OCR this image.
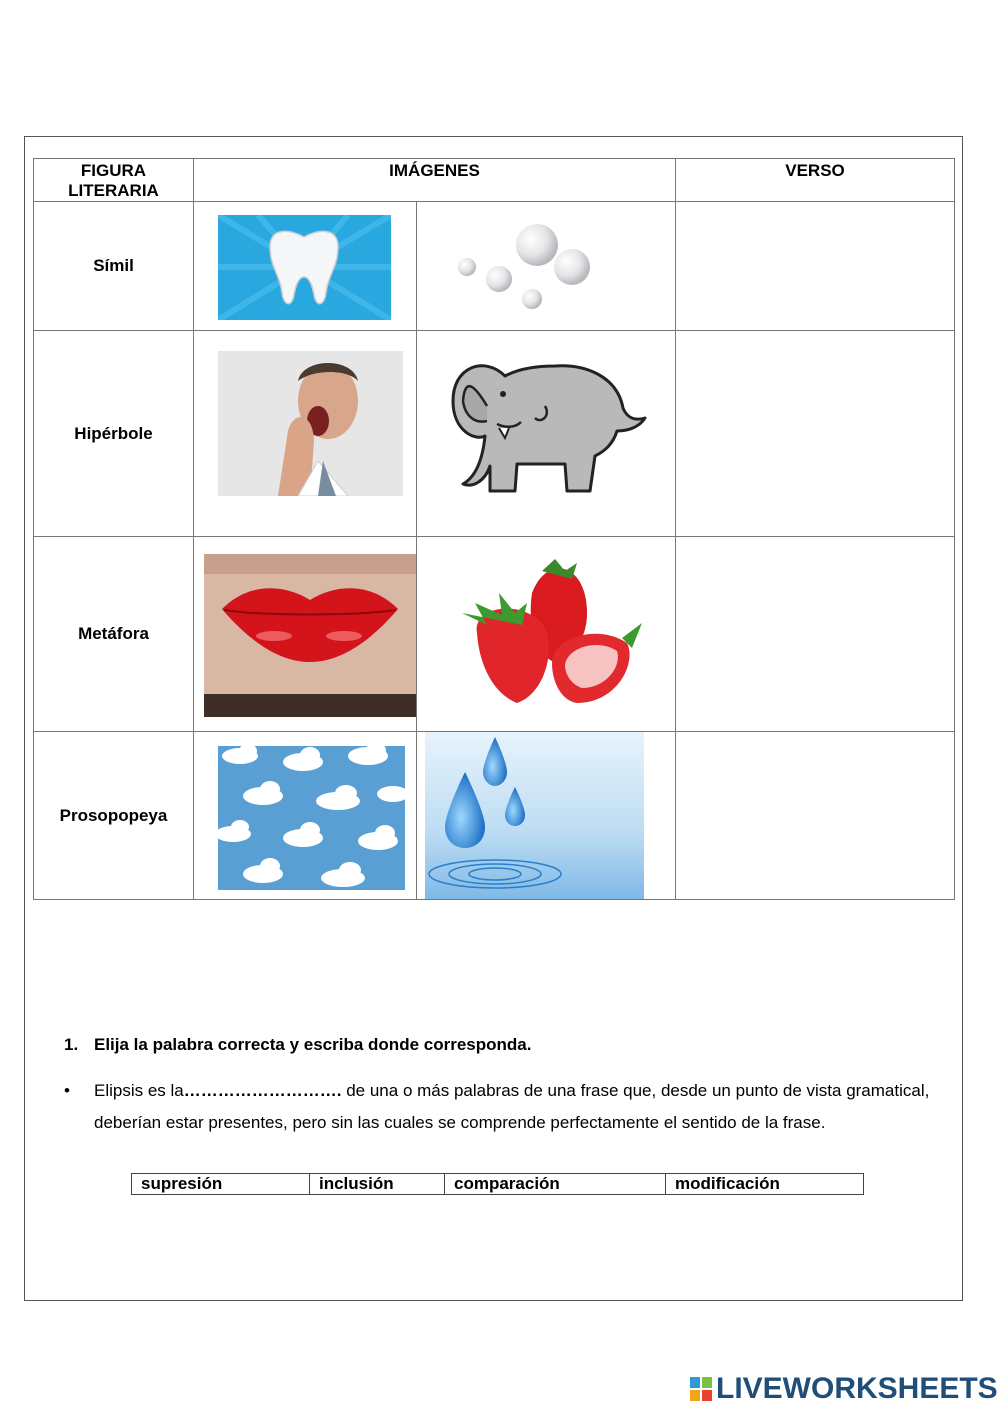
FIGURA LITERARIA	IMÁGENES		VERSO
Símil	

Hipérbole	

Metáfora	

Prosopopeya	

1. Elija la palabra correcta y escriba donde corresponda.
• Elipsis es la………………………. de una o más palabras de una frase que, desde un punto de vista gramatical, deberían estar presentes, pero sin las cuales se comprende perfectamente el sentido de la frase.
supresión	inclusión	comparación	modificación
LIVEWORKSHEETS
